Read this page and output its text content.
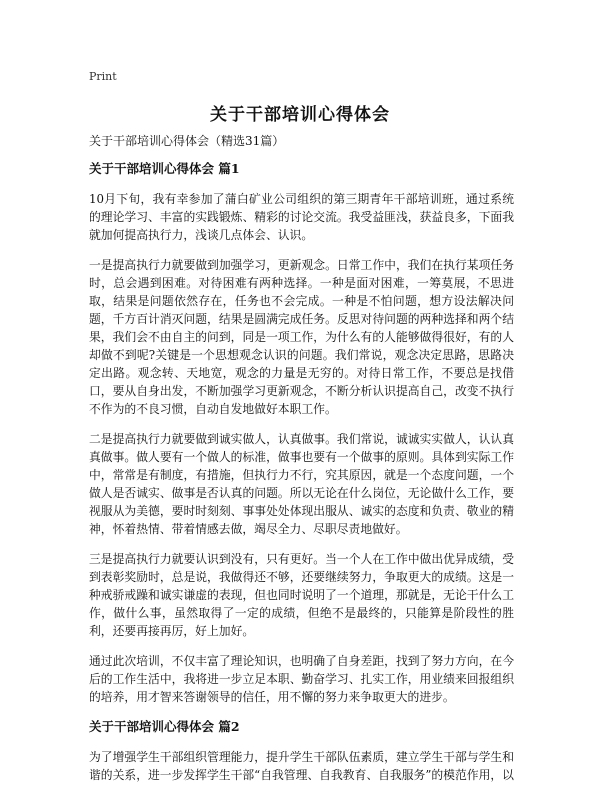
Print
关于干部培训心得体会
关于干部培训心得体会（精选31篇）
关于干部培训心得体会 篇1

10月下旬，我有幸参加了蒲白矿业公司组织的第三期青年干部培训班，通过系统的理论学习、丰富的实践锻炼、精彩的讨论交流。我受益匪浅，获益良多，下面我就加何提高执行力，浅谈几点体会、认识。

一是提高执行力就要做到加强学习，更新观念。日常工作中，我们在执行某项任务时，总会遇到困难。对待困难有两种选择。一种是面对困难，一筹莫展，不思进取，结果是问题依然存在，任务也不会完成。一种是不怕问题，想方设法解决问题，千方百计消灭问题，结果是圆满完成任务。反思对待问题的两种选择和两个结果，我们会不由自主的问到，同是一项工作，为什么有的人能够做得很好，有的人却做不到呢?关键是一个思想观念认识的问题。我们常说，观念决定思路，思路决定出路。观念转、天地宽，观念的力量是无穷的。对待日常工作，不要总是找借口，要从自身出发，不断加强学习更新观念，不断分析认识提高自己，改变不执行不作为的不良习惯，自动自发地做好本职工作。

二是提高执行力就要做到诚实做人，认真做事。我们常说，诚诚实实做人，认认真真做事。做人要有一个做人的标准，做事也要有一个做事的原则。具体到实际工作中，常常是有制度，有措施，但执行力不行，究其原因，就是一个态度问题，一个做人是否诚实、做事是否认真的问题。所以无论在什么岗位，无论做什么工作，要视服从为美德，要时时刻刻、事事处处体现出服从、诚实的态度和负责、敬业的精神，怀着热情、带着情感去做，竭尽全力、尽职尽责地做好。

三是提高执行力就要认识到没有，只有更好。当一个人在工作中做出优异成绩，受到表彰奖励时，总是说，我做得还不够，还要继续努力，争取更大的成绩。这是一种戒骄戒躁和诚实谦虚的表现，但也同时说明了一个道理，那就是，无论干什么工作，做什么事，虽然取得了一定的成绩，但绝不是最终的，只能算是阶段性的胜利，还要再接再厉，好上加好。

通过此次培训，不仅丰富了理论知识，也明确了自身差距，找到了努力方向，在今后的工作生活中，我将进一步立足本职、勤奋学习、扎实工作，用业绩来回报组织的培养，用才智来答谢领导的信任，用不懈的努力来争取更大的进步。

关于干部培训心得体会 篇2

为了增强学生干部组织管理能力，提升学生干部队伍素质，建立学生干部与学生和谐的关系，进一步发挥学生干部“自我管理、自我教育、自我服务”的模范作用，以
